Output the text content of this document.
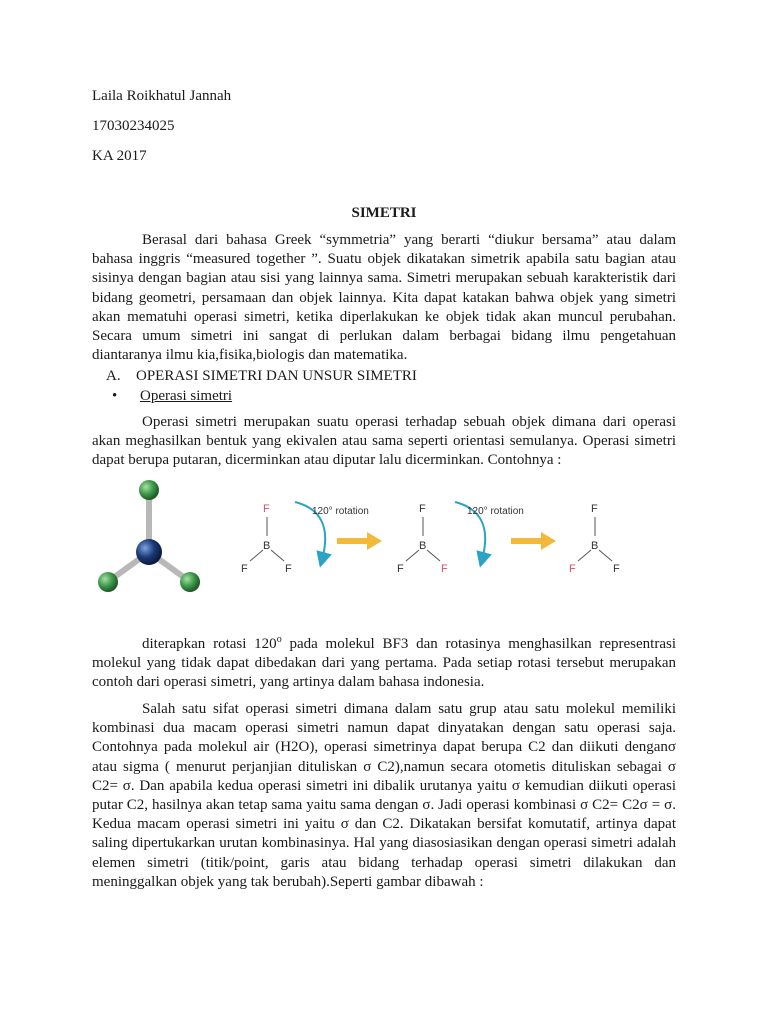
Laila Roikhatul Jannah

17030234025

KA 2017

SIMETRI

Berasal dari bahasa Greek “symmetria” yang berarti “diukur bersama” atau dalam bahasa inggris “measured together ”. Suatu objek dikatakan simetrik apabila satu bagian atau sisinya dengan bagian atau sisi yang lainnya sama. Simetri merupakan sebuah karakteristik dari bidang geometri, persamaan dan objek lainnya. Kita dapat katakan bahwa objek yang simetri akan mematuhi operasi simetri, ketika diperlakukan ke objek tidak akan muncul perubahan. Secara umum simetri ini sangat di perlukan dalam berbagai bidang ilmu pengetahuan diantaranya ilmu kia,fisika,biologis dan matematika.

A. OPERASI SIMETRI DAN UNSUR SIMETRI

• Operasi simetri

Operasi simetri merupakan suatu operasi terhadap sebuah objek dimana dari operasi akan meghasilkan bentuk yang ekivalen atau sama seperti orientasi semulanya. Operasi simetri dapat berupa putaran, dicerminkan atau diputar lalu dicerminkan. Contohnya :

F
B
F	F
120° rotation	F
B
F	F
120° rotation	F
B
F	F

diterapkan rotasi 120$^o$ pada molekul BF3 dan rotasinya menghasilkan representrasi molekul yang tidak dapat dibedakan dari yang pertama. Pada setiap rotasi tersebut merupakan contoh dari operasi simetri, yang artinya dalam bahasa indonesia.

Salah satu sifat operasi simetri dimana dalam satu grup atau satu molekul memiliki kombinasi dua macam operasi simetri namun dapat dinyatakan dengan satu operasi saja. Contohnya pada molekul air (H2O), operasi simetrinya dapat berupa C2 dan diikuti denganσ atau sigma ( menurut perjanjian dituliskan σ C2),namun secara otometis dituliskan sebagai σ C2= σ. Dan apabila kedua operasi simetri ini dibalik urutanya yaitu σ kemudian diikuti operasi putar C2, hasilnya akan tetap sama yaitu sama dengan σ. Jadi operasi kombinasi σ C2= C2σ = σ. Kedua macam operasi simetri ini yaitu σ dan C2. Dikatakan bersifat komutatif, artinya dapat saling dipertukarkan urutan kombinasinya. Hal yang diasosiasikan dengan operasi simetri adalah elemen simetri (titik/point, garis atau bidang terhadap operasi simetri dilakukan dan meninggalkan objek yang tak berubah).Seperti gambar dibawah :
